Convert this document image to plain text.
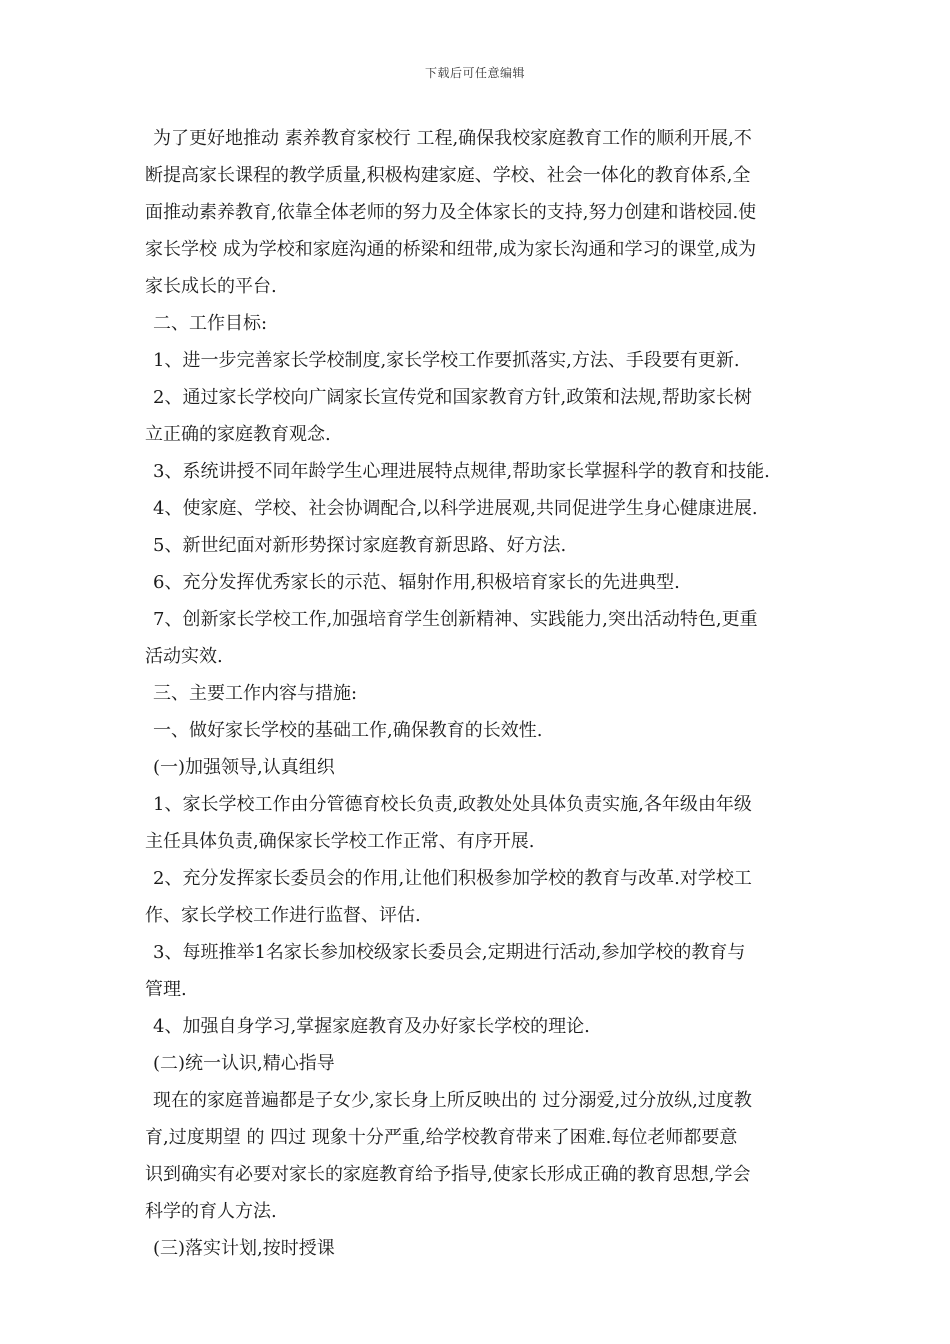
下载后可任意编辑
为了更好地推动 素养教育家校行 工程,确保我校家庭教育工作的顺利开展,不
断提高家长课程的教学质量,积极构建家庭、学校、社会一体化的教育体系,全
面推动素养教育,依靠全体老师的努力及全体家长的支持,努力创建和谐校园.使
家长学校 成为学校和家庭沟通的桥梁和纽带,成为家长沟通和学习的课堂,成为
家长成长的平台.
二、工作目标:
1、进一步完善家长学校制度,家长学校工作要抓落实,方法、手段要有更新.
2、通过家长学校向广阔家长宣传党和国家教育方针,政策和法规,帮助家长树
立正确的家庭教育观念.
3、系统讲授不同年龄学生心理进展特点规律,帮助家长掌握科学的教育和技能.
4、使家庭、学校、社会协调配合,以科学进展观,共同促进学生身心健康进展.
5、新世纪面对新形势探讨家庭教育新思路、好方法.
6、充分发挥优秀家长的示范、辐射作用,积极培育家长的先进典型.
7、创新家长学校工作,加强培育学生创新精神、实践能力,突出活动特色,更重
活动实效.
三、主要工作内容与措施:
一、做好家长学校的基础工作,确保教育的长效性.
(一)加强领导,认真组织
1、家长学校工作由分管德育校长负责,政教处处具体负责实施,各年级由年级
主任具体负责,确保家长学校工作正常、有序开展.
2、充分发挥家长委员会的作用,让他们积极参加学校的教育与改革.对学校工
作、家长学校工作进行监督、评估.
3、每班推举1名家长参加校级家长委员会,定期进行活动,参加学校的教育与
管理.
4、加强自身学习,掌握家庭教育及办好家长学校的理论.
(二)统一认识,精心指导
现在的家庭普遍都是子女少,家长身上所反映出的 过分溺爱,过分放纵,过度教
育,过度期望 的 四过 现象十分严重,给学校教育带来了困难.每位老师都要意
识到确实有必要对家长的家庭教育给予指导,使家长形成正确的教育思想,学会
科学的育人方法.
(三)落实计划,按时授课
